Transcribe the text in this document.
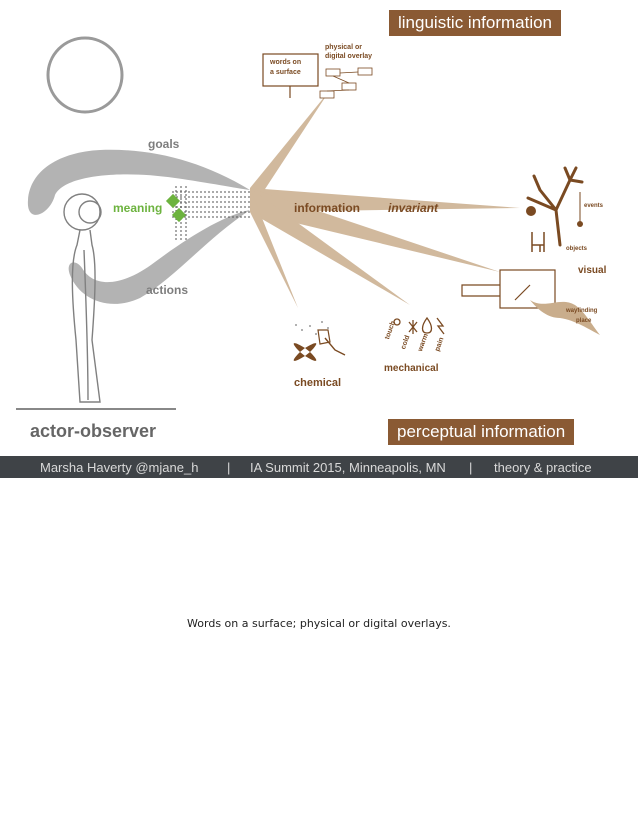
linguistic information
perceptual information
actor-observer
goals
meaning
actions
information invariant
words on
a surface
physical or
digital overlay
events
objects
visual
wayfinding
place
chemical
mechanical
touch
cold warm pain
Marsha Haverty @mjane_h | IA Summit 2015, Minneapolis, MN | theory & practice
Words on a surface; physical or digital overlays.
